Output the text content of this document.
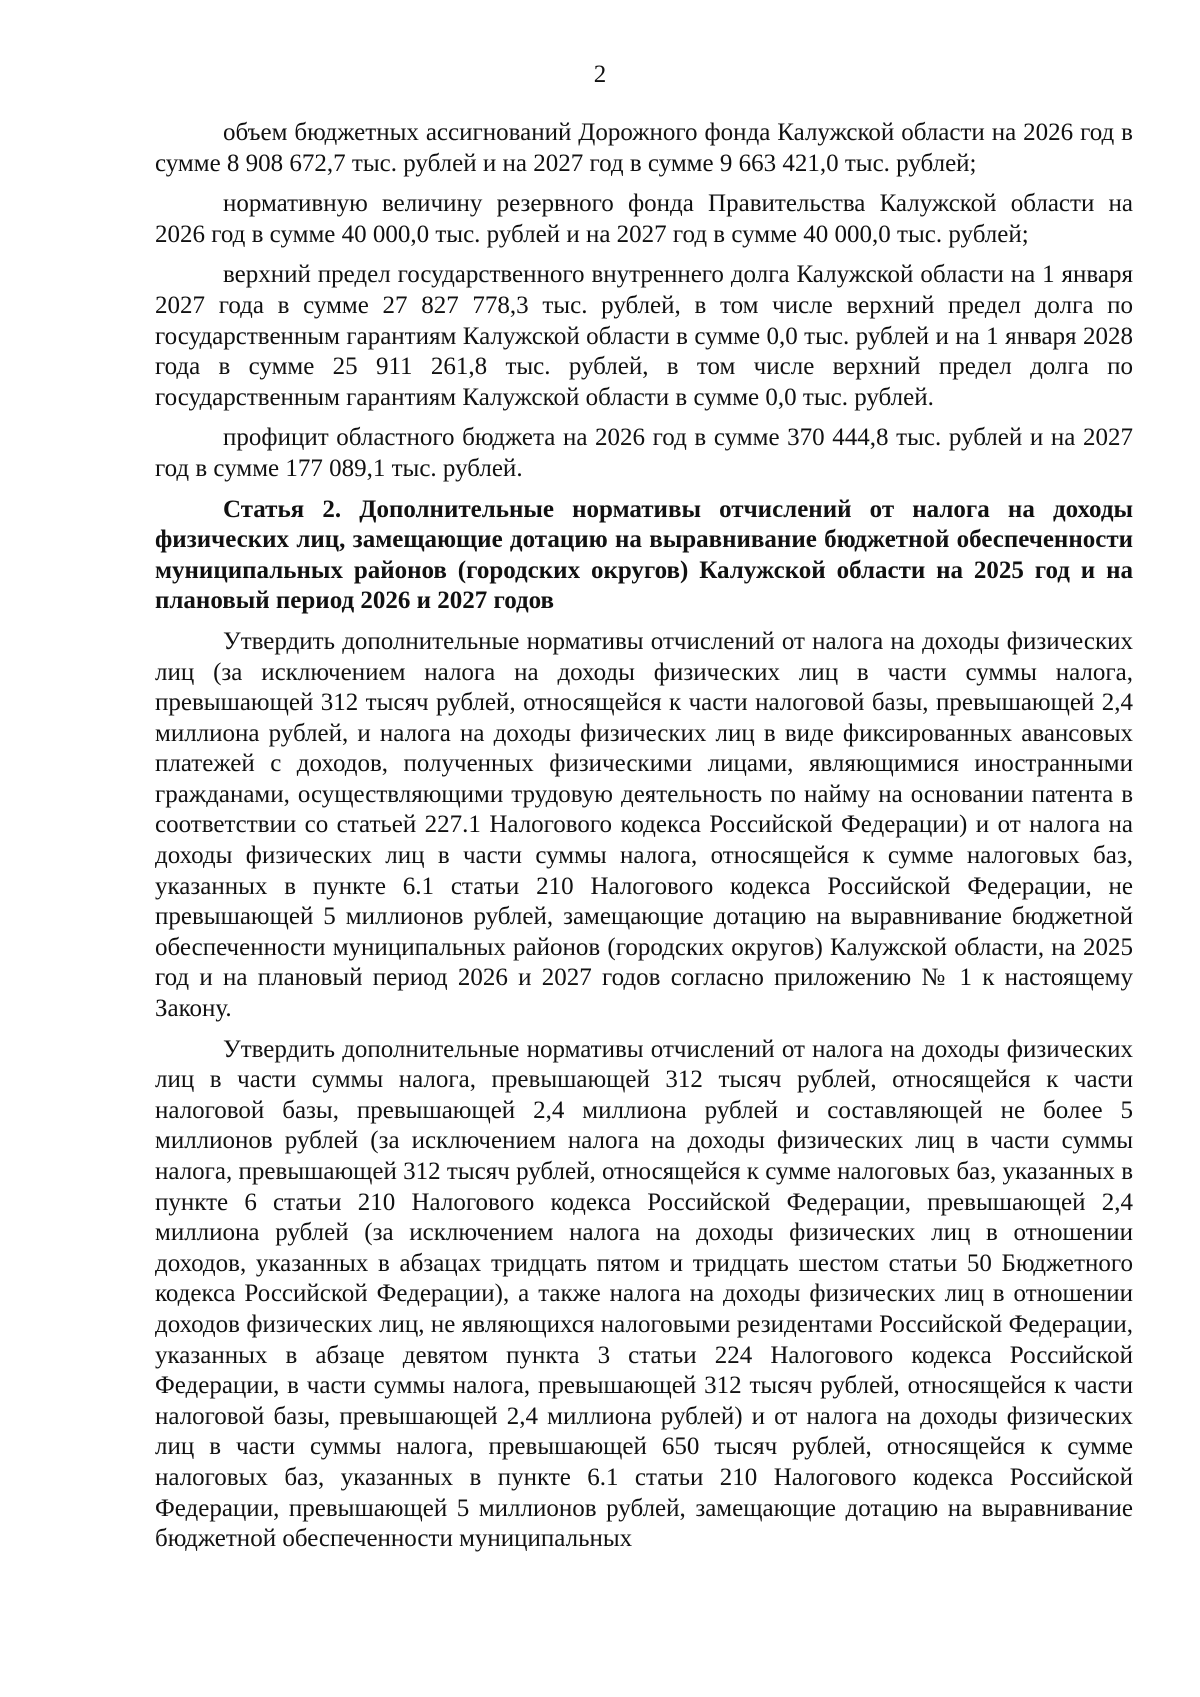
2

объем бюджетных ассигнований Дорожного фонда Калужской области на 2026 год в сумме 8 908 672,7 тыс. рублей и на 2027 год в сумме 9 663 421,0 тыс. рублей;

нормативную величину резервного фонда Правительства Калужской области на 2026 год в сумме 40 000,0 тыс. рублей и на 2027 год в сумме 40 000,0 тыс. рублей;

верхний предел государственного внутреннего долга Калужской области на 1 января 2027 года в сумме 27 827 778,3 тыс. рублей, в том числе верхний предел долга по государственным гарантиям Калужской области в сумме 0,0 тыс. рублей и на 1 января 2028 года в сумме 25 911 261,8 тыс. рублей, в том числе верхний предел долга по государственным гарантиям Калужской области в сумме 0,0 тыс. рублей.

профицит областного бюджета на 2026 год в сумме 370 444,8 тыс. рублей и на 2027 год в сумме 177 089,1 тыс. рублей.

Статья 2. Дополнительные нормативы отчислений от налога на доходы физических лиц, замещающие дотацию на выравнивание бюджетной обеспеченности муниципальных районов (городских округов) Калужской области на 2025 год и на плановый период 2026 и 2027 годов

Утвердить дополнительные нормативы отчислений от налога на доходы физических лиц (за исключением налога на доходы физических лиц в части суммы налога, превышающей 312 тысяч рублей, относящейся к части налоговой базы, превышающей 2,4 миллиона рублей, и налога на доходы физических лиц в виде фиксированных авансовых платежей с доходов, полученных физическими лицами, являющимися иностранными гражданами, осуществляющими трудовую деятельность по найму на основании патента в соответствии со статьей 227.1 Налогового кодекса Российской Федерации) и от налога на доходы физических лиц в части суммы налога, относящейся к сумме налоговых баз, указанных в пункте 6.1 статьи 210 Налогового кодекса Российской Федерации, не превышающей 5 миллионов рублей, замещающие дотацию на выравнивание бюджетной обеспеченности муниципальных районов (городских округов) Калужской области, на 2025 год и на плановый период 2026 и 2027 годов согласно приложению № 1 к настоящему Закону.

Утвердить дополнительные нормативы отчислений от налога на доходы физических лиц в части суммы налога, превышающей 312 тысяч рублей, относящейся к части налоговой базы, превышающей 2,4 миллиона рублей и составляющей не более 5 миллионов рублей (за исключением налога на доходы физических лиц в части суммы налога, превышающей 312 тысяч рублей, относящейся к сумме налоговых баз, указанных в пункте 6 статьи 210 Налогового кодекса Российской Федерации, превышающей 2,4 миллиона рублей (за исключением налога на доходы физических лиц в отношении доходов, указанных в абзацах тридцать пятом и тридцать шестом статьи 50 Бюджетного кодекса Российской Федерации), а также налога на доходы физических лиц в отношении доходов физических лиц, не являющихся налоговыми резидентами Российской Федерации, указанных в абзаце девятом пункта 3 статьи 224 Налогового кодекса Российской Федерации, в части суммы налога, превышающей 312 тысяч рублей, относящейся к части налоговой базы, превышающей 2,4 миллиона рублей) и от налога на доходы физических лиц в части суммы налога, превышающей 650 тысяч рублей, относящейся к сумме налоговых баз, указанных в пункте 6.1 статьи 210 Налогового кодекса Российской Федерации, превышающей 5 миллионов рублей, замещающие дотацию на выравнивание бюджетной обеспеченности муниципальных
